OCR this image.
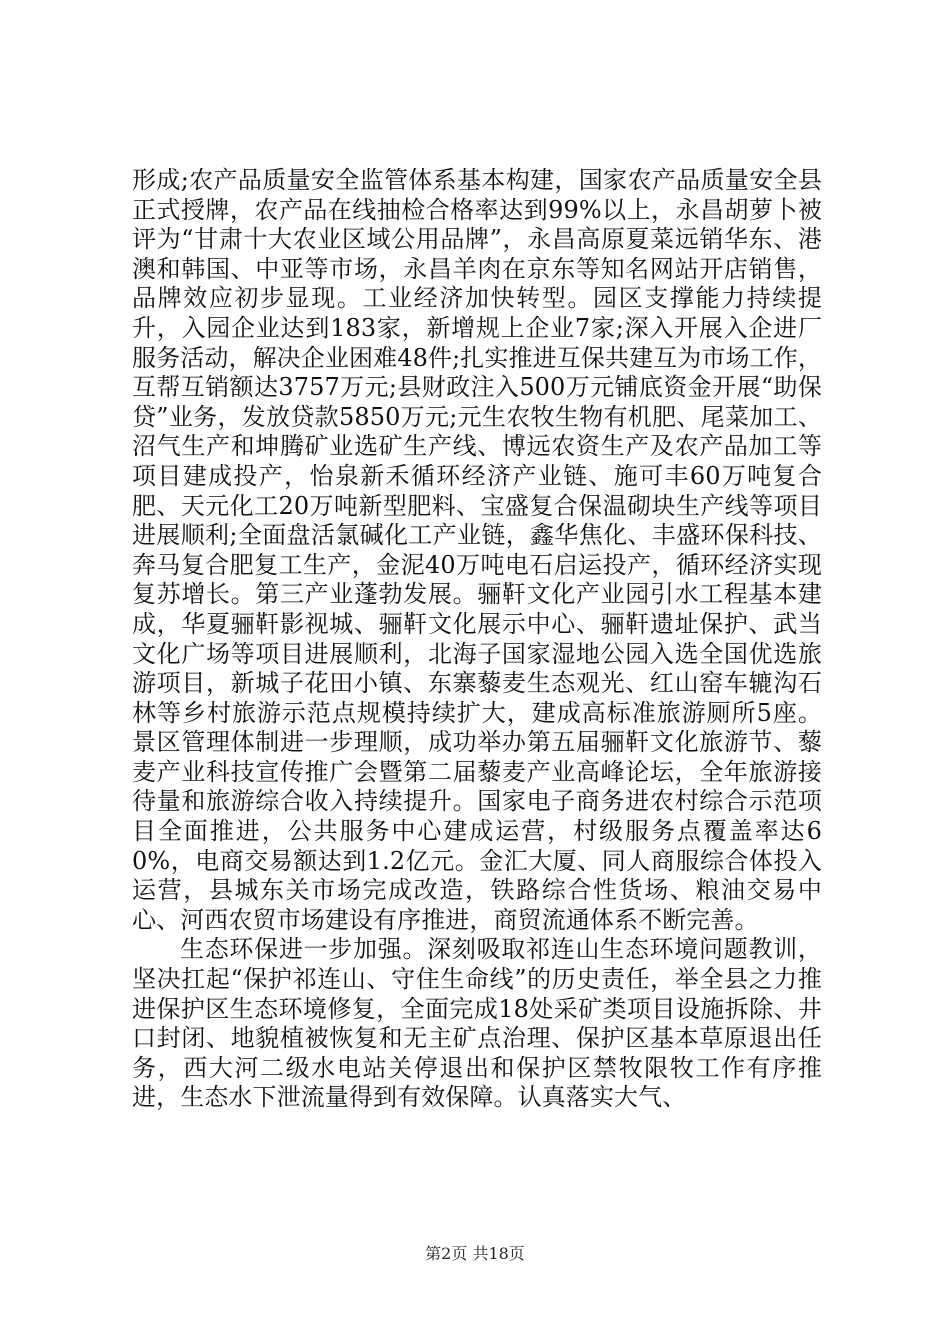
形成;农产品质量安全监管体系基本构建，国家农产品质量安全县正式授牌，农产品在线抽检合格率达到99%以上，永昌胡萝卜被评为“甘肃十大农业区域公用品牌”，永昌高原夏菜远销华东、港澳和韩国、中亚等市场，永昌羊肉在京东等知名网站开店销售，品牌效应初步显现。工业经济加快转型。园区支撑能力持续提升，入园企业达到183家，新增规上企业7家;深入开展入企进厂服务活动，解决企业困难48件;扎实推进互保共建互为市场工作，互帮互销额达3757万元;县财政注入500万元铺底资金开展“助保贷”业务，发放贷款5850万元;元生农牧生物有机肥、尾菜加工、沼气生产和坤腾矿业选矿生产线、博远农资生产及农产品加工等项目建成投产，怡泉新禾循环经济产业链、施可丰60万吨复合肥、天元化工20万吨新型肥料、宝盛复合保温砌块生产线等项目进展顺利;全面盘活氯碱化工产业链，鑫华焦化、丰盛环保科技、奔马复合肥复工生产，金泥40万吨电石启运投产，循环经济实现复苏增长。第三产业蓬勃发展。骊靬文化产业园引水工程基本建成，华夏骊靬影视城、骊靬文化展示中心、骊靬遗址保护、武当文化广场等项目进展顺利，北海子国家湿地公园入选全国优选旅游项目，新城子花田小镇、东寨藜麦生态观光、红山窑车辘沟石林等乡村旅游示范点规模持续扩大，建成高标准旅游厕所5座。景区管理体制进一步理顺，成功举办第五届骊靬文化旅游节、藜麦产业科技宣传推广会暨第二届藜麦产业高峰论坛，全年旅游接待量和旅游综合收入持续提升。国家电子商务进农村综合示范项目全面推进，公共服务中心建成运营，村级服务点覆盖率达60%，电商交易额达到1.2亿元。金汇大厦、同人商服综合体投入运营，县城东关市场完成改造，铁路综合性货场、粮油交易中心、河西农贸市场建设有序推进，商贸流通体系不断完善。

生态环保进一步加强。深刻吸取祁连山生态环境问题教训，坚决扛起“保护祁连山、守住生命线”的历史责任，举全县之力推进保护区生态环境修复，全面完成18处采矿类项目设施拆除、井口封闭、地貌植被恢复和无主矿点治理、保护区基本草原退出任务，西大河二级水电站关停退出和保护区禁牧限牧工作有序推进，生态水下泄流量得到有效保障。认真落实大气、

第2页 共18页
